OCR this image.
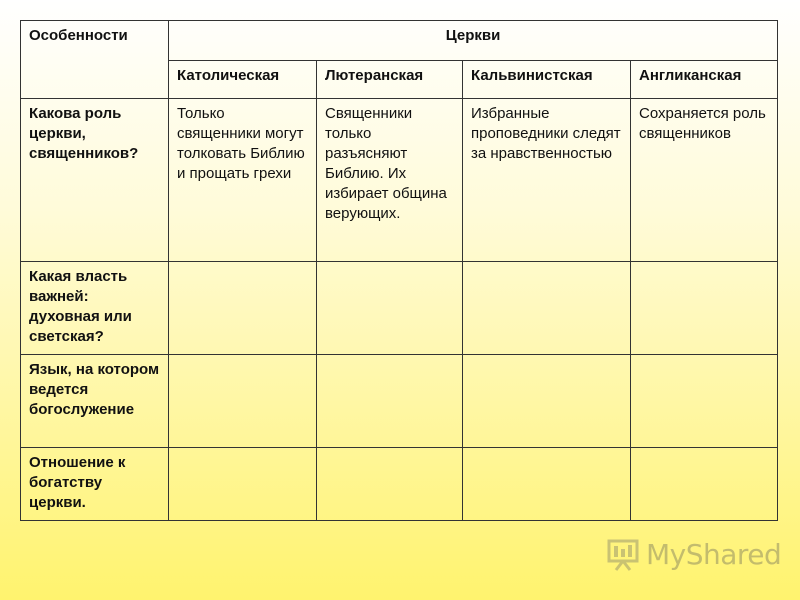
Особенности	Церкви			
	Католическая	Лютеранская	Кальвинистская	Англиканская
Какова роль церкви, священников?	Только священники могут толковать Библию и прощать грехи	Священники только разъясняют Библию. Их избирает община верующих.	Избранные проповедники следят за нравственностью	Сохраняется роль священников
Какая власть важней: духовная или светская?				
Язык, на котором ведется богослужение				
Отношение к богатству церкви.				
MyShared
